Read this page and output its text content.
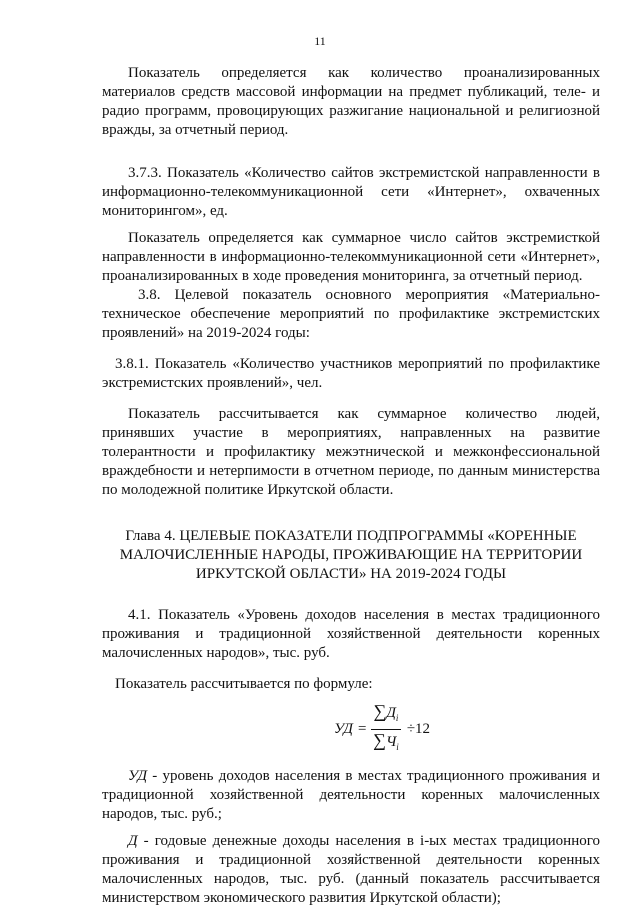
11

Показатель определяется как количество проанализированных материалов средств массовой информации на предмет публикаций, теле- и радио программ, провоцирующих разжигание национальной и религиозной вражды, за отчетный период.

3.7.3. Показатель «Количество сайтов экстремистской направленности в информационно-телекоммуникационной сети «Интернет», охваченных мониторингом», ед.

Показатель определяется как суммарное число сайтов экстремисткой направленности в информационно-телекоммуникационной сети «Интернет», проанализированных в ходе проведения мониторинга, за отчетный период.

3.8. Целевой показатель основного мероприятия «Материально-техническое обеспечение мероприятий по профилактике экстремистских проявлений» на 2019-2024 годы:

3.8.1. Показатель «Количество участников мероприятий по профилактике экстремистских проявлений», чел.

Показатель рассчитывается как суммарное количество людей, принявших участие в мероприятиях, направленных на развитие толерантности и профилактику межэтнической и межконфессиональной враждебности и нетерпимости в отчетном периоде, по данным министерства по молодежной политике Иркутской области.

Глава 4. ЦЕЛЕВЫЕ ПОКАЗАТЕЛИ ПОДПРОГРАММЫ «КОРЕННЫЕ МАЛОЧИСЛЕННЫЕ НАРОДЫ, ПРОЖИВАЮЩИЕ НА ТЕРРИТОРИИ ИРКУТСКОЙ ОБЛАСТИ» НА 2019-2024 ГОДЫ

4.1. Показатель «Уровень доходов населения в местах традиционного проживания и традиционной хозяйственной деятельности коренных малочисленных народов», тыс. руб.

Показатель рассчитывается по формуле:

УД = $\frac{\sum Д_i}{\sum Ч_i} \div 12$

УД - уровень доходов населения в местах традиционного проживания и традиционной хозяйственной деятельности коренных малочисленных народов, тыс. руб.;

Д - годовые денежные доходы населения в i-ых местах традиционного проживания и традиционной хозяйственной деятельности коренных малочисленных народов, тыс. руб. (данный показатель рассчитывается министерством экономического развития Иркутской области);
